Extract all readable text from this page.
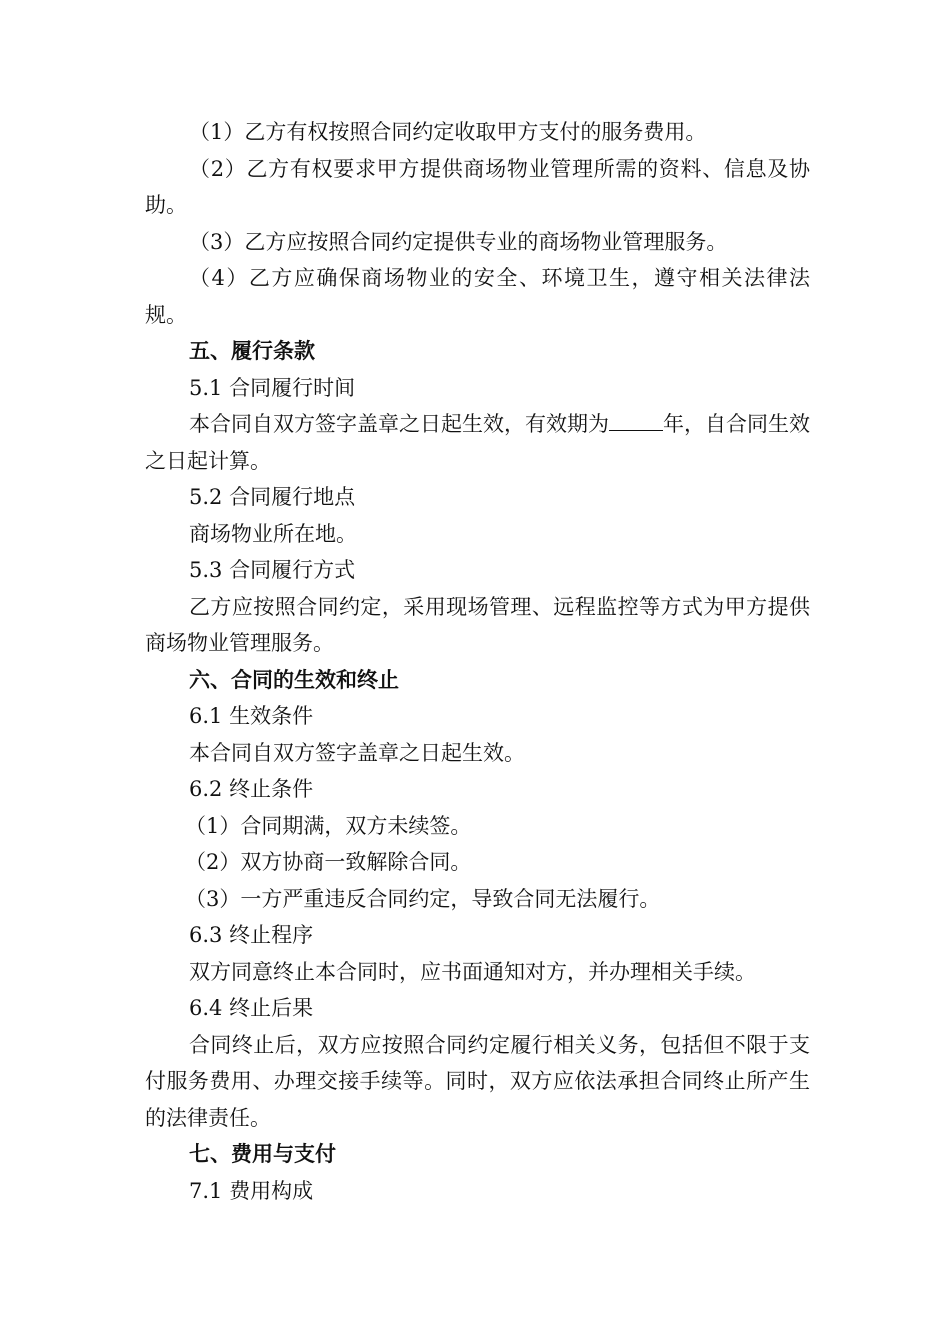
（1）乙方有权按照合同约定收取甲方支付的服务费用。

（2）乙方有权要求甲方提供商场物业管理所需的资料、信息及协助。

（3）乙方应按照合同约定提供专业的商场物业管理服务。

（4）乙方应确保商场物业的安全、环境卫生，遵守相关法律法规。

五、履行条款

5.1 合同履行时间

本合同自双方签字盖章之日起生效，有效期为	年，自合同生效之日起计算。

5.2 合同履行地点

商场物业所在地。

5.3 合同履行方式

乙方应按照合同约定，采用现场管理、远程监控等方式为甲方提供商场物业管理服务。

六、合同的生效和终止

6.1 生效条件

本合同自双方签字盖章之日起生效。

6.2 终止条件

（1）合同期满，双方未续签。

（2）双方协商一致解除合同。

（3）一方严重违反合同约定，导致合同无法履行。

6.3 终止程序

双方同意终止本合同时，应书面通知对方，并办理相关手续。

6.4 终止后果

合同终止后，双方应按照合同约定履行相关义务，包括但不限于支付服务费用、办理交接手续等。同时，双方应依法承担合同终止所产生的法律责任。

七、费用与支付

7.1 费用构成
